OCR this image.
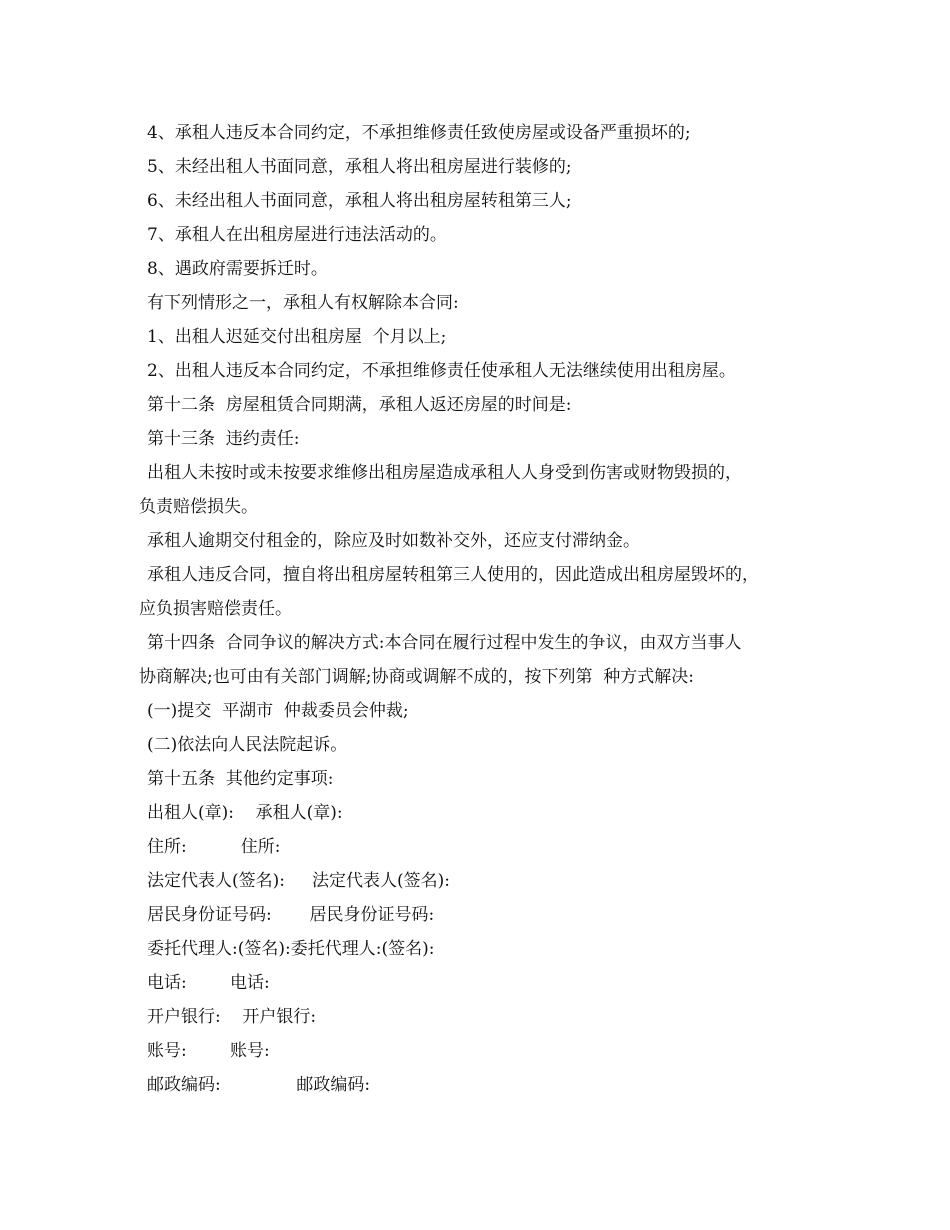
4、承租人违反本合同约定，不承担维修责任致使房屋或设备严重损坏的;
5、未经出租人书面同意，承租人将出租房屋进行装修的;
6、未经出租人书面同意，承租人将出租房屋转租第三人;
7、承租人在出租房屋进行违法活动的。
8、遇政府需要拆迁时。
有下列情形之一，承租人有权解除本合同:
1、出租人迟延交付出租房屋  个月以上;
2、出租人违反本合同约定，不承担维修责任使承租人无法继续使用出租房屋。
第十二条  房屋租赁合同期满，承租人返还房屋的时间是:
第十三条  违约责任:
出租人未按时或未按要求维修出租房屋造成承租人人身受到伤害或财物毁损的，
负责赔偿损失。
承租人逾期交付租金的，除应及时如数补交外，还应支付滞纳金。
承租人违反合同，擅自将出租房屋转租第三人使用的，因此造成出租房屋毁坏的，
应负损害赔偿责任。
第十四条  合同争议的解决方式:本合同在履行过程中发生的争议，由双方当事人
协商解决;也可由有关部门调解;协商或调解不成的，按下列第  种方式解决:
(一)提交  平湖市  仲裁委员会仲裁;
(二)依法向人民法院起诉。
第十五条  其他约定事项:
出租人(章):    承租人(章):
住所:          住所:
法定代表人(签名):     法定代表人(签名):
居民身份证号码:       居民身份证号码:
委托代理人:(签名):委托代理人:(签名):
电话:        电话:
开户银行:    开户银行:
账号:        账号:
邮政编码:              邮政编码:
